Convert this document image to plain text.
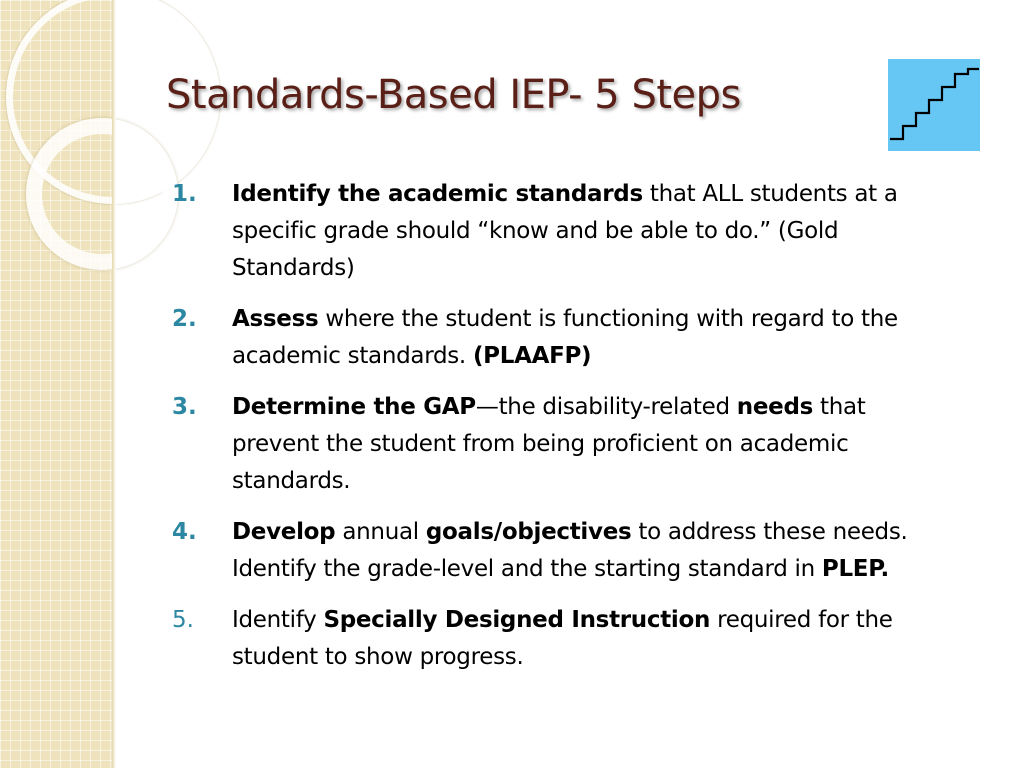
Standards-Based IEP- 5 Steps
1.	Identify the academic standards that ALL students at a specific grade should “know and be able to do.” (Gold Standards)
2.	Assess where the student is functioning with regard to the academic standards. (PLAAFP)
3.	Determine the GAP—the disability-related needs that prevent the student from being proficient on academic standards.
4.	Develop annual goals/objectives to address these needs. Identify the grade-level and the starting standard in PLEP.
5.	Identify Specially Designed Instruction required for the student to show progress.
